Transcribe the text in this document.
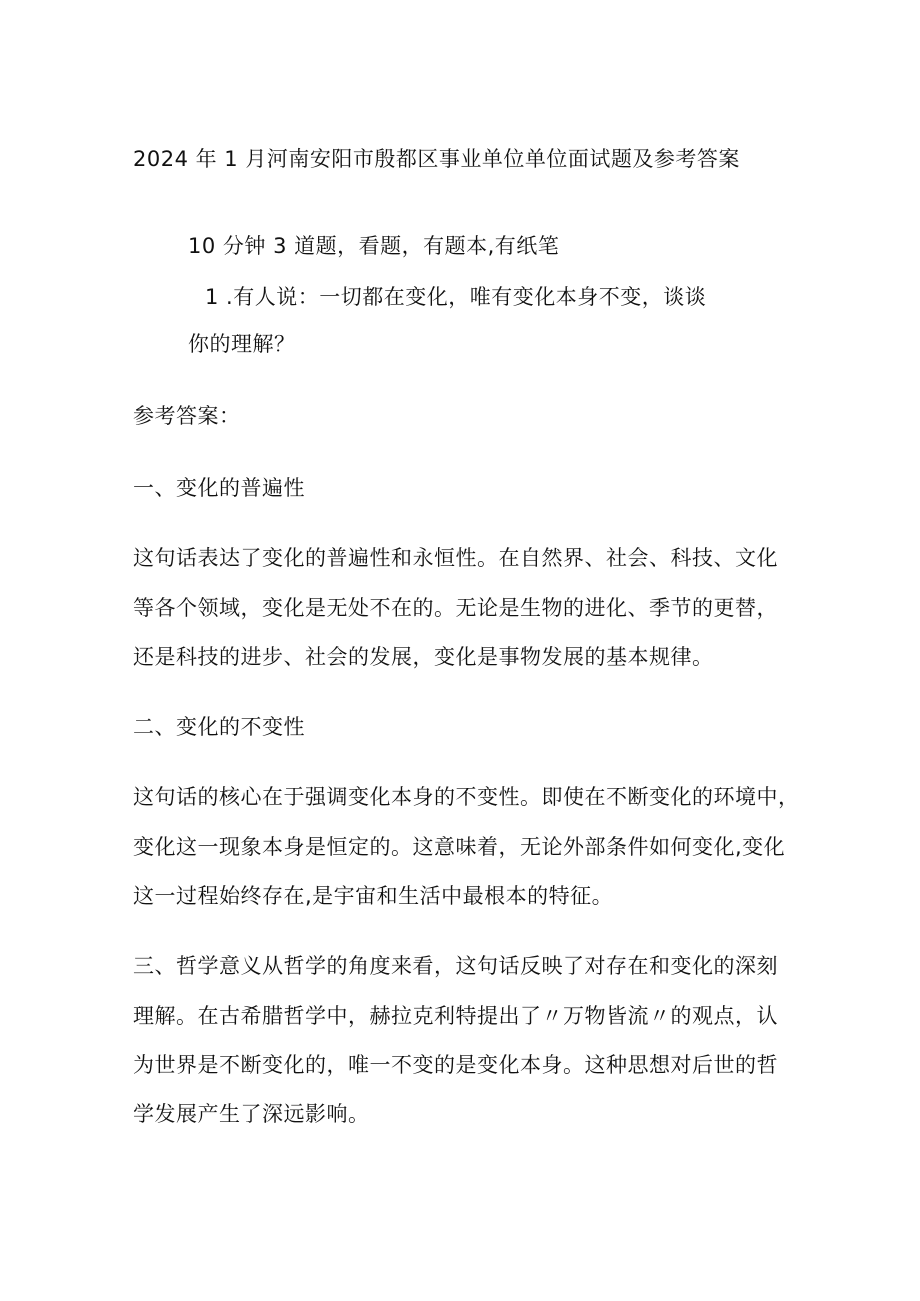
2024 年 1 月河南安阳市殷都区事业单位单位面试题及参考答案
10 分钟 3 道题，看题，有题本,有纸笔
1 .有人说：一切都在变化，唯有变化本身不变，谈谈
你的理解？
参考答案：
一、变化的普遍性
这句话表达了变化的普遍性和永恒性。在自然界、社会、科技、文化
等各个领域，变化是无处不在的。无论是生物的进化、季节的更替，
还是科技的进步、社会的发展，变化是事物发展的基本规律。
二、变化的不变性
这句话的核心在于强调变化本身的不变性。即使在不断变化的环境中，
变化这一现象本身是恒定的。这意味着，无论外部条件如何变化,变化
这一过程始终存在,是宇宙和生活中最根本的特征。
三、哲学意义从哲学的角度来看，这句话反映了对存在和变化的深刻
理解。在古希腊哲学中，赫拉克利特提出了〃万物皆流〃的观点，认
为世界是不断变化的，唯一不变的是变化本身。这种思想对后世的哲
学发展产生了深远影响。
